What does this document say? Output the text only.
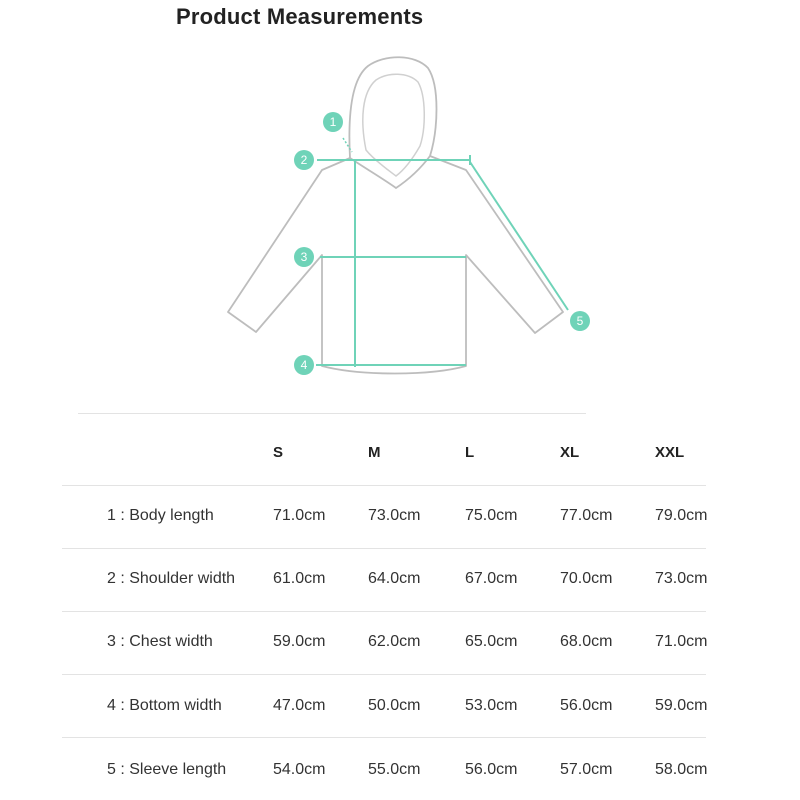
Product Measurements
1
2
3
4
5
S	M	L	XL	XXL
1 : Body length	71.0cm	73.0cm	75.0cm	77.0cm	79.0cm
2 : Shoulder width 61.0cm	64.0cm	67.0cm	70.0cm	73.0cm
3 : Chest width	59.0cm	62.0cm	65.0cm	68.0cm	71.0cm
4 : Bottom width	47.0cm	50.0cm	53.0cm	56.0cm	59.0cm
5 : Sleeve length	54.0cm	55.0cm	56.0cm	57.0cm	58.0cm
